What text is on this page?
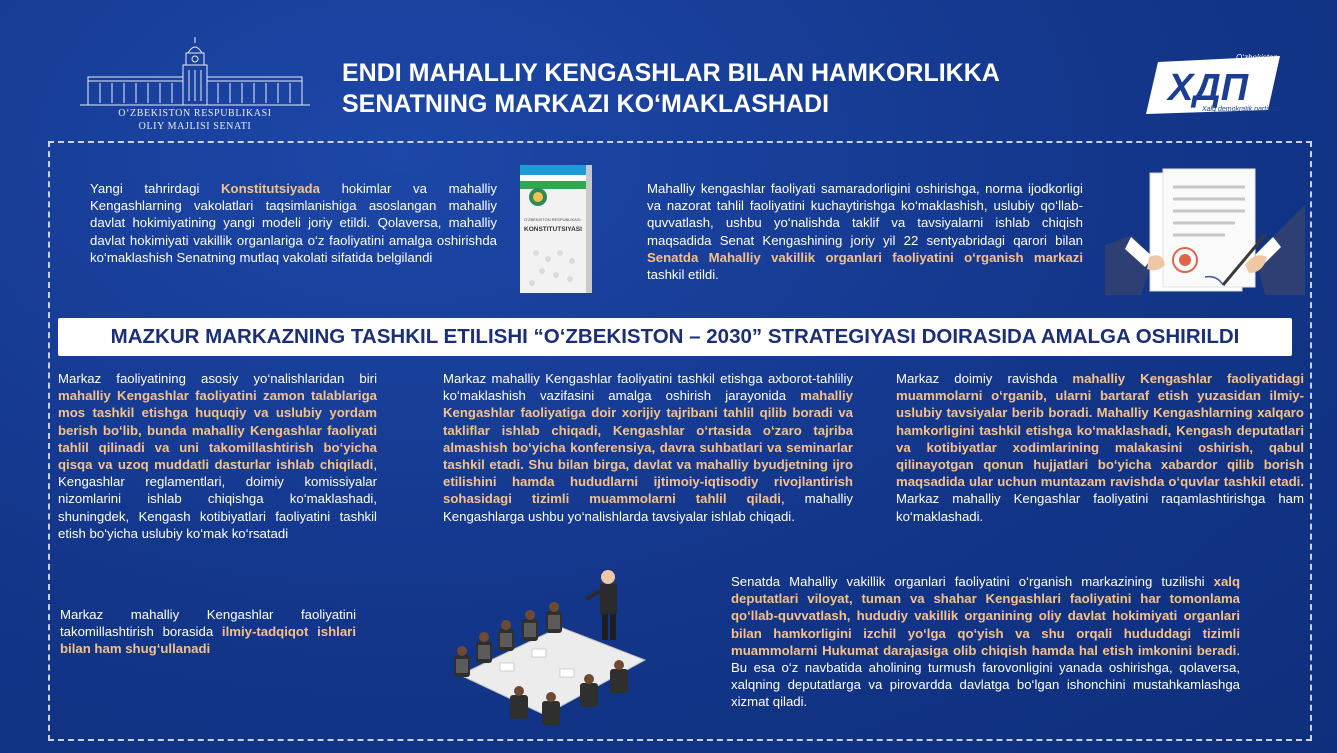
O‘ZBEKISTON RESPUBLIKASI
OLIY MAJLISI SENATI
ENDI MAHALLIY KENGASHLAR BILAN HAMKORLIKKA
SENATNING MARKAZI KO‘MAKLASHADI
O‘zbekiston
ХДП
Xalq demokratik partiyasi
Yangi tahrirdagi Konstitutsiyada hokimlar va mahalliy Kengashlarning vakolatlari taqsimlanishiga asoslangan mahalliy davlat hokimiyatining yangi modeli joriy etildi. Qolaversa, mahalliy davlat hokimiyati vakillik organlariga o‘z faoliyatini amalga oshirishda ko‘maklashish Senatning mutlaq vakolati sifatida belgilandi
O‘ZBEKISTON RESPUBLIKASI
KONSTITUTSIYASI
Mahalliy kengashlar faoliyati samaradorligini oshirishga, norma ijodkorligi va nazorat tahlil faoliyatini kuchaytirishga ko‘maklashish, uslubiy qo‘llab-quvvatlash, ushbu yo‘nalishda taklif va tavsiyalarni ishlab chiqish maqsadida Senat Kengashining joriy yil 22 sentyabridagi qarori bilan Senatda Mahalliy vakillik organlari faoliyatini o‘rganish markazi tashkil etildi.
MAZKUR MARKAZNING TASHKIL ETILISHI “O‘ZBEKISTON – 2030” STRATEGIYASI DOIRASIDA AMALGA OSHIRILDI
Markaz faoliyatining asosiy yo‘nalishlaridan biri mahalliy Kengashlar faoliyatini zamon talablariga mos tashkil etishga huquqiy va uslubiy yordam berish bo‘lib, bunda mahalliy Kengashlar faoliyati tahlil qilinadi va uni takomillashtirish bo‘yicha qisqa va uzoq muddatli dasturlar ishlab chiqiladi, Kengashlar reglamentlari, doimiy komissiyalar nizomlarini ishlab chiqishga ko‘maklashadi, shuningdek, Kengash kotibiyatlari faoliyatini tashkil etish bo‘yicha uslubiy ko‘mak ko‘rsatadi
Markaz mahalliy Kengashlar faoliyatini tashkil etishga axborot-tahliliy ko‘maklashish vazifasini amalga oshirish jarayonida mahalliy Kengashlar faoliyatiga doir xorijiy tajribani tahlil qilib boradi va takliflar ishlab chiqadi, Kengashlar o‘rtasida o‘zaro tajriba almashish bo‘yicha konferensiya, davra suhbatlari va seminarlar tashkil etadi. Shu bilan birga, davlat va mahalliy byudjetning ijro etilishini hamda hududlarni ijtimoiy-iqtisodiy rivojlantirish sohasidagi tizimli muammolarni tahlil qiladi, mahalliy Kengashlarga ushbu yo‘nalishlarda tavsiyalar ishlab chiqadi.
Markaz doimiy ravishda mahalliy Kengashlar faoliyatidagi muammolarni o‘rganib, ularni bartaraf etish yuzasidan ilmiy-uslubiy tavsiyalar berib boradi. Mahalliy Kengashlarning xalqaro hamkorligini tashkil etishga ko‘maklashadi, Kengash deputatlari va kotibiyatlar xodimlarining malakasini oshirish, qabul qilinayotgan qonun hujjatlari bo‘yicha xabardor qilib borish maqsadida ular uchun muntazam ravishda o‘quvlar tashkil etadi. Markaz mahalliy Kengashlar faoliyatini raqamlashtirishga ham ko‘maklashadi.
Markaz mahalliy Kengashlar faoliyatini takomillashtirish borasida ilmiy-tadqiqot ishlari bilan ham shug‘ullanadi
Senatda Mahalliy vakillik organlari faoliyatini o‘rganish markazining tuzilishi xalq deputatlari viloyat, tuman va shahar Kengashlari faoliyatini har tomonlama qo‘llab-quvvatlash, hududiy vakillik organining oliy davlat hokimiyati organlari bilan hamkorligini izchil yo‘lga qo‘yish va shu orqali hududdagi tizimli muammolarni Hukumat darajasiga olib chiqish hamda hal etish imkonini beradi. Bu esa o‘z navbatida aholining turmush farovonligini yanada oshirishga, qolaversa, xalqning deputatlarga va pirovardda davlatga bo‘lgan ishonchini mustahkamlashga xizmat qiladi.
